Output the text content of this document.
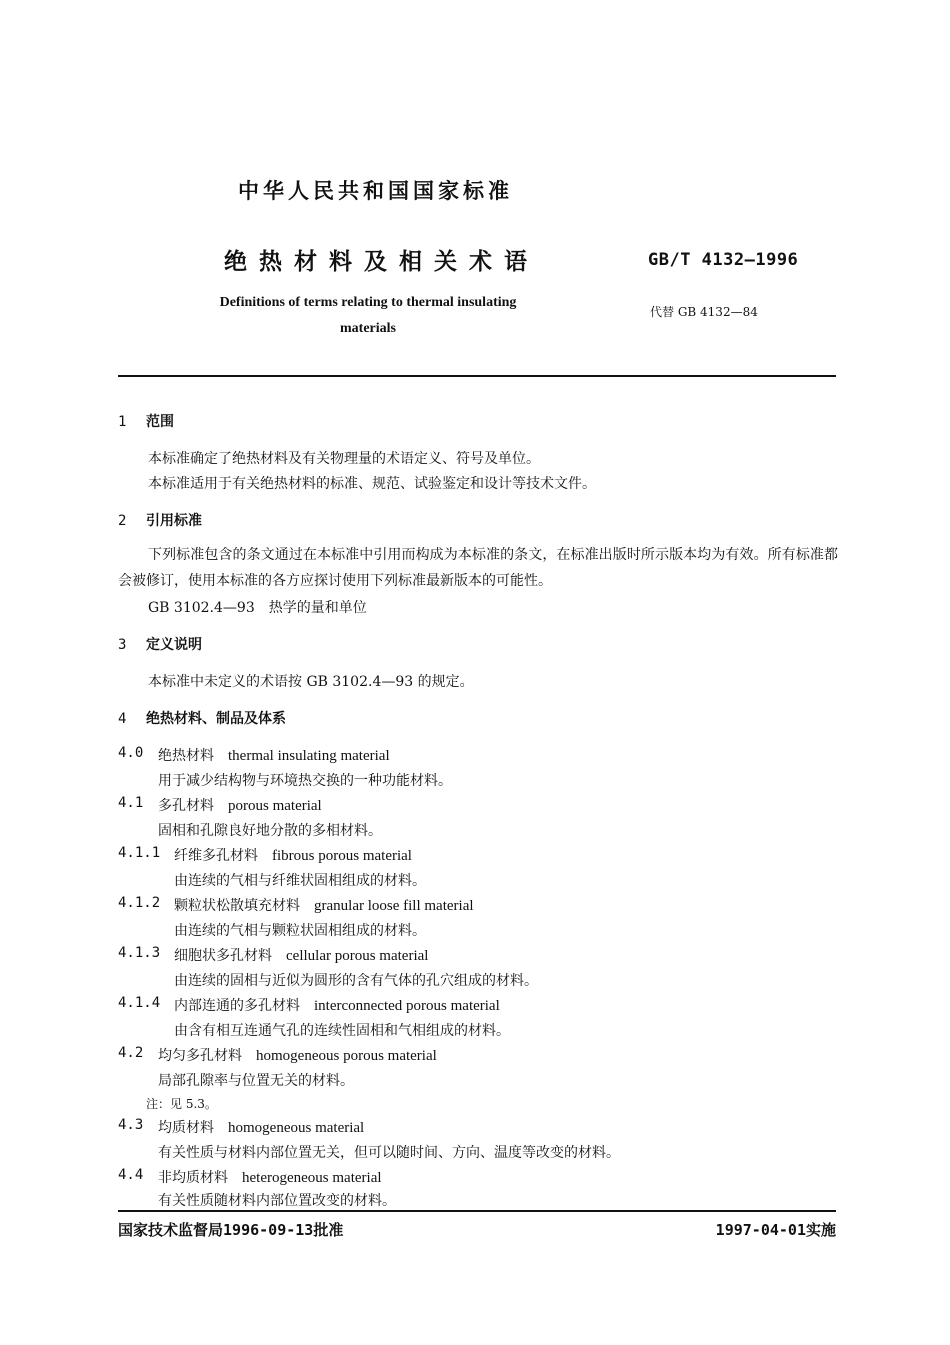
中华人民共和国国家标准
绝热材料及相关术语	GB/T 4132—1996
Definitions of terms relating to thermal insulating materials
代替 GB 4132—84
1 范围
本标准确定了绝热材料及有关物理量的术语定义、符号及单位。
本标准适用于有关绝热材料的标准、规范、试验鉴定和设计等技术文件。
2 引用标准
下列标准包含的条文通过在本标准中引用而构成为本标准的条文，在标准出版时所示版本均为有效。所有标准都会被修订，使用本标准的各方应探讨使用下列标准最新版本的可能性。
GB 3102.4—93　热学的量和单位
3 定义说明
本标准中未定义的术语按 GB 3102.4—93 的规定。
4 绝热材料、制品及体系
4.0 绝热材料 thermal insulating material
用于减少结构物与环境热交换的一种功能材料。
4.1 多孔材料 porous material
固相和孔隙良好地分散的多相材料。
4.1.1 纤维多孔材料 fibrous porous material
由连续的气相与纤维状固相组成的材料。
4.1.2 颗粒状松散填充材料 granular loose fill material
由连续的气相与颗粒状固相组成的材料。
4.1.3 细胞状多孔材料 cellular porous material
由连续的固相与近似为圆形的含有气体的孔穴组成的材料。
4.1.4 内部连通的多孔材料 interconnected porous material
由含有相互连通气孔的连续性固相和气相组成的材料。
4.2 均匀多孔材料 homogeneous porous material
局部孔隙率与位置无关的材料。
注：见 5.3。
4.3 均质材料 homogeneous material
有关性质与材料内部位置无关，但可以随时间、方向、温度等改变的材料。
4.4 非均质材料 heterogeneous material
有关性质随材料内部位置改变的材料。
国家技术监督局1996-09-13批准	1997-04-01实施
